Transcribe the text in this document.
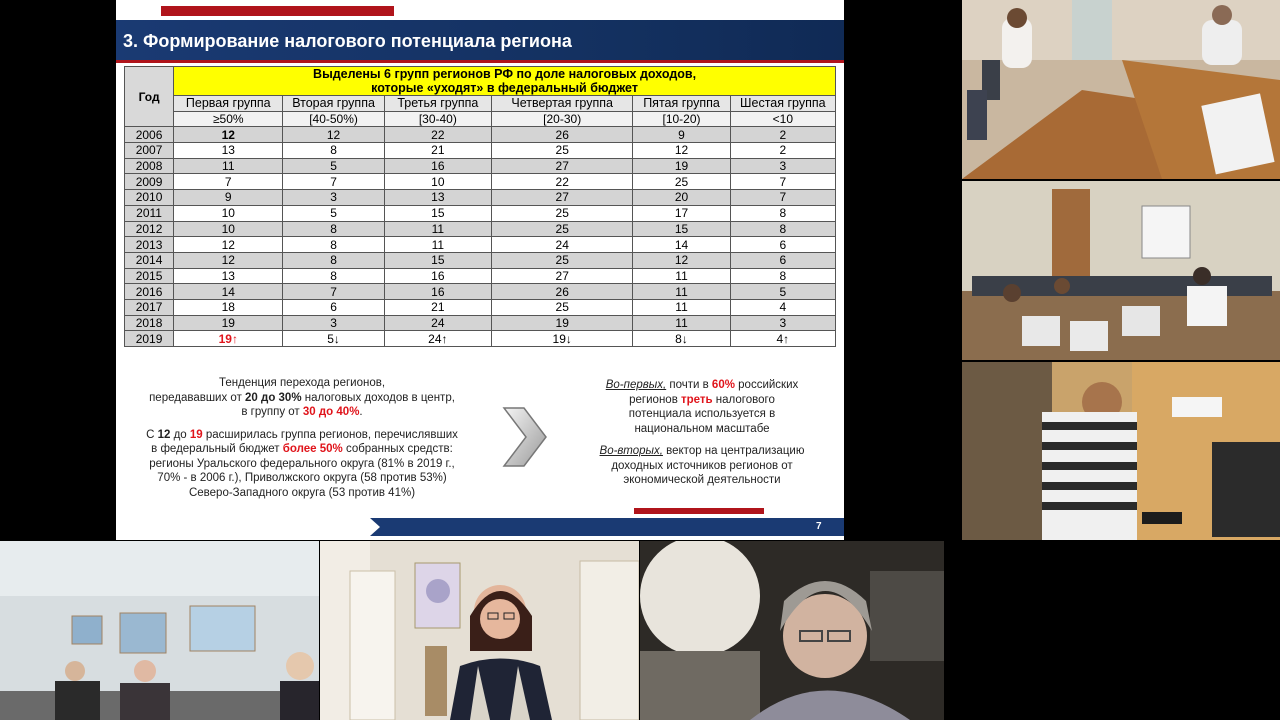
3. Формирование налогового потенциала региона
Год	Выделены 6 групп регионов РФ по доле налоговых доходов,
которые «уходят» в федеральный бюджет					
	Первая группа	Вторая группа	Третья группа	Четвертая группа	Пятая группа	Шестая группа
	≥50%	[40-50%)	[30-40)	[20-30)	[10-20)	<10
2006	12	12	22	26	9	2
2007	13	8	21	25	12	2
2008	11	5	16	27	19	3
2009	7	7	10	22	25	7
2010	9	3	13	27	20	7
2011	10	5	15	25	17	8
2012	10	8	11	25	15	8
2013	12	8	11	24	14	6
2014	12	8	15	25	12	6
2015	13	8	16	27	11	8
2016	14	7	16	26	11	5
2017	18	6	21	25	11	4
2018	19	3	24	19	11	3
2019	19↑	5↓	24↑	19↓	8↓	4↑

Тенденция перехода регионов,
передававших от 20 до 30% налоговых доходов в центр,
в группу от 30 до 40%.

С 12 до 19 расширилась группа регионов, перечислявших
в федеральный бюджет более 50% собранных средств:
регионы Уральского федерального округа (81% в 2019 г.,
70% - в 2006 г.), Приволжского округа (58 против 53%)
Северо-Западного округа (53 против 41%)

Во-первых, почти в 60% российских
регионов треть налогового
потенциала используется в
национальном масштабе

Во-вторых, вектор на централизацию
доходных источников регионов от
экономической деятельности

7
